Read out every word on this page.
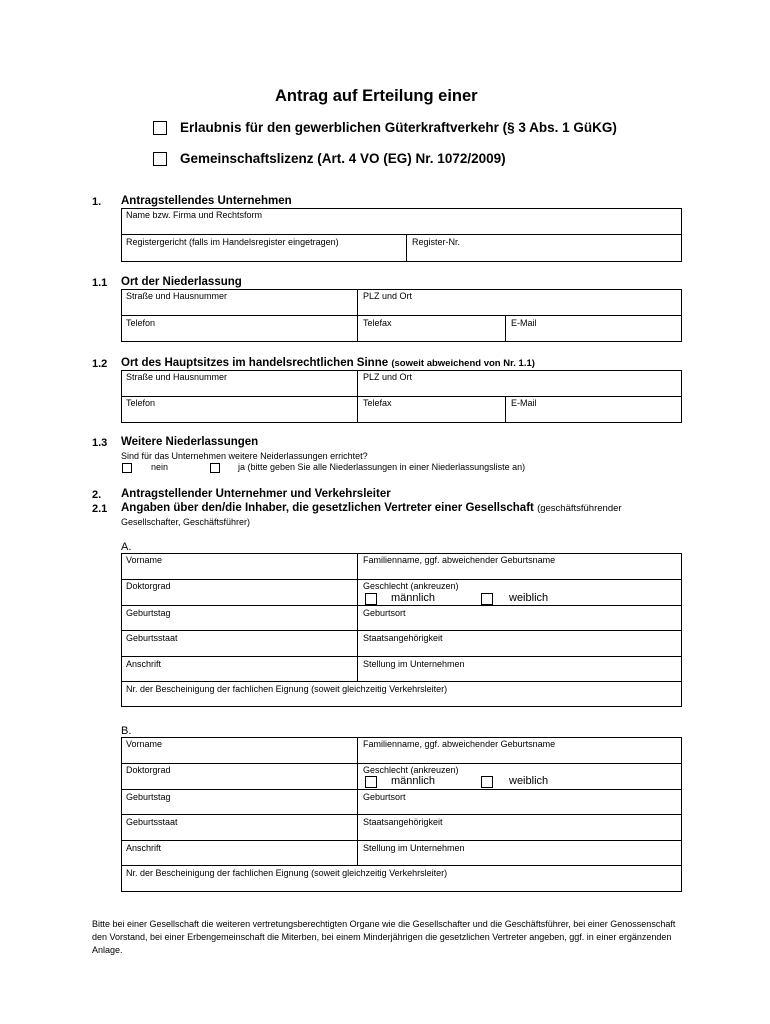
Antrag auf Erteilung einer
Erlaubnis für den gewerblichen Güterkraftverkehr (§ 3 Abs. 1 GüKG)
Gemeinschaftslizenz (Art. 4 VO (EG) Nr. 1072/2009)
1. Antragstellendes Unternehmen
Name bzw. Firma und Rechtsform
Registergericht (falls im Handelsregister eingetragen)	Register-Nr.
1.1 Ort der Niederlassung
Straße und Hausnummer	PLZ und Ort
Telefon	Telefax	E-Mail
1.2 Ort des Hauptsitzes im handelsrechtlichen Sinne (soweit abweichend von Nr. 1.1)
Straße und Hausnummer	PLZ und Ort
Telefon	Telefax	E-Mail
1.3 Weitere Niederlassungen
Sind für das Unternehmen weitere Neiderlassungen errichtet?
nein	ja (bitte geben Sie alle Niederlassungen in einer Niederlassungsliste an)
2. Antragstellender Unternehmer und Verkehrsleiter
2.1 Angaben über den/die Inhaber, die gesetzlichen Vertreter einer Gesellschaft (geschäftsführender
Gesellschafter, Geschäftsführer)
A.
Vorname	Familienname, ggf. abweichender Geburtsname
Doktorgrad	Geschlecht (ankreuzen)
männlich	weiblich
Geburtstag	Geburtsort
Geburtsstaat	Staatsangehörigkeit
Anschrift	Stellung im Unternehmen
Nr. der Bescheinigung der fachlichen Eignung (soweit gleichzeitig Verkehrsleiter)
B.
Vorname	Familienname, ggf. abweichender Geburtsname
Doktorgrad	Geschlecht (ankreuzen)
männlich	weiblich
Geburtstag	Geburtsort
Geburtsstaat	Staatsangehörigkeit
Anschrift	Stellung im Unternehmen
Nr. der Bescheinigung der fachlichen Eignung (soweit gleichzeitig Verkehrsleiter)
Bitte bei einer Gesellschaft die weiteren vertretungsberechtigten Organe wie die Gesellschafter und die Geschäftsführer, bei einer Genossenschaft den Vorstand, bei einer Erbengemeinschaft die Miterben, bei einem Minderjährigen die gesetzlichen Vertreter angeben, ggf. in einer ergänzenden Anlage.
